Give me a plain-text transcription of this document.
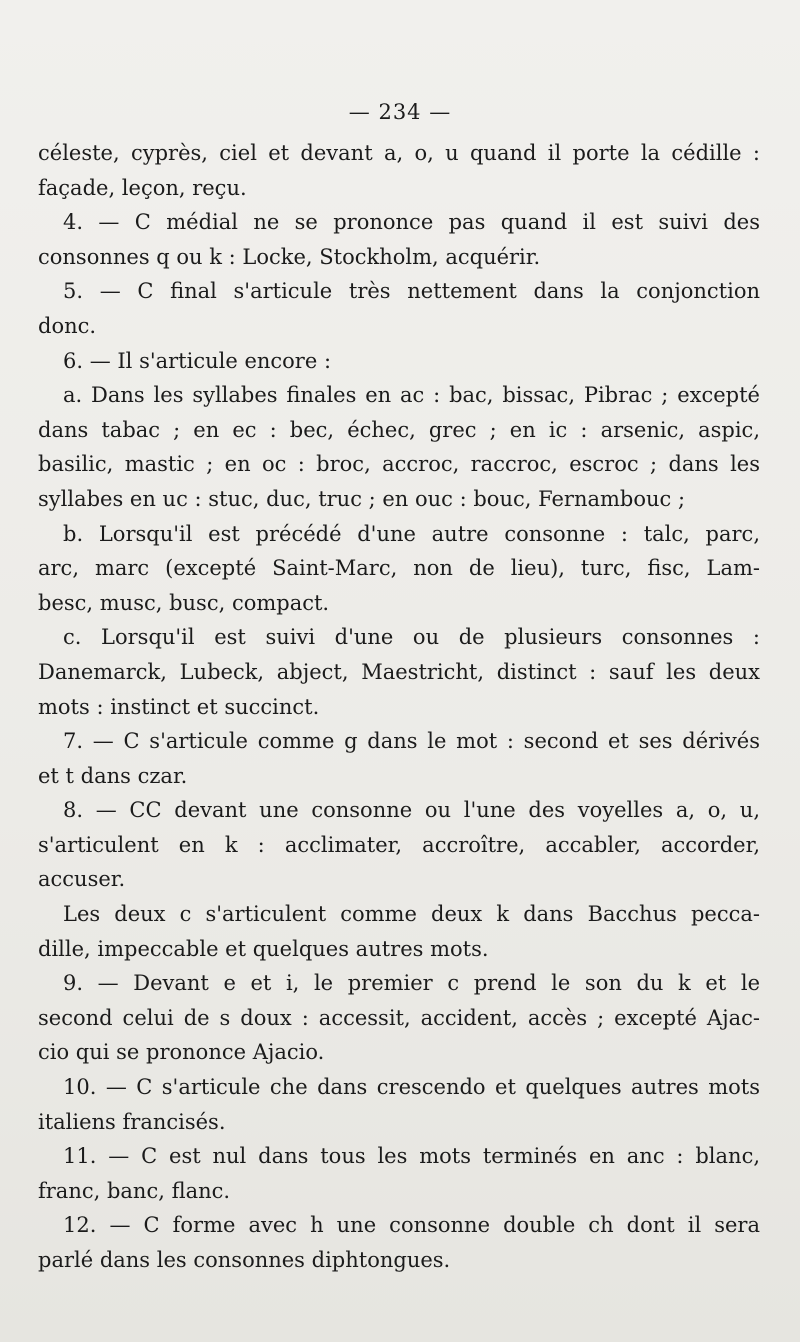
— 234 —
céleste, cyprès, ciel et devant a, o, u quand il porte la cédille :
façade, leçon, reçu.
4. — C médial ne se prononce pas quand il est suivi des
consonnes q ou k : Locke, Stockholm, acquérir.
5. — C final s'articule très nettement dans la conjonction
donc.
6. — Il s'articule encore :
a. Dans les syllabes finales en ac : bac, bissac, Pibrac ; excepté
dans tabac ; en ec : bec, échec, grec ; en ic : arsenic, aspic,
basilic, mastic ; en oc : broc, accroc, raccroc, escroc ; dans les
syllabes en uc : stuc, duc, truc ; en ouc : bouc, Fernambouc ;
b. Lorsqu'il est précédé d'une autre consonne : talc, parc,
arc, marc (excepté Saint-Marc, non de lieu), turc, fisc, Lam-
besc, musc, busc, compact.
c. Lorsqu'il est suivi d'une ou de plusieurs consonnes :
Danemarck, Lubeck, abject, Maestricht, distinct : sauf les deux
mots : instinct et succinct.
7. — C s'articule comme g dans le mot : second et ses dérivés
et t dans czar.
8. — CC devant une consonne ou l'une des voyelles a, o, u,
s'articulent en k : acclimater, accroître, accabler, accorder,
accuser.
Les deux c s'articulent comme deux k dans Bacchus pecca-
dille, impeccable et quelques autres mots.
9. — Devant e et i, le premier c prend le son du k et le
second celui de s doux : accessit, accident, accès ; excepté Ajac-
cio qui se prononce Ajacio.
10. — C s'articule che dans crescendo et quelques autres mots
italiens francisés.
11. — C est nul dans tous les mots terminés en anc : blanc,
franc, banc, flanc.
12. — C forme avec h une consonne double ch dont il sera
parlé dans les consonnes diphtongues.
